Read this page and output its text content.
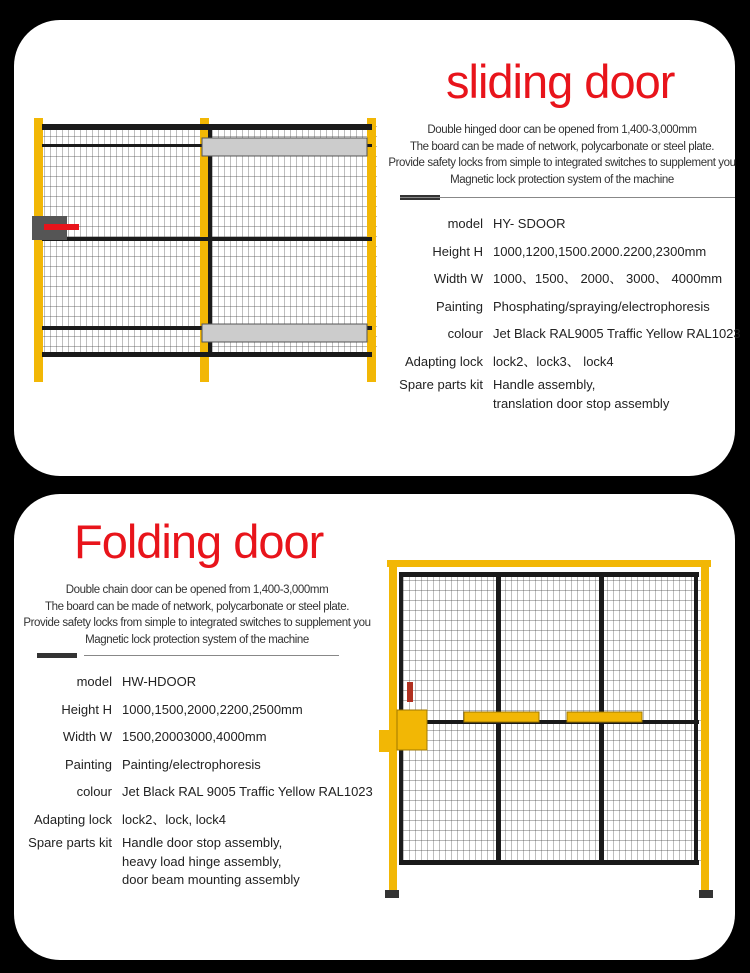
sliding door
Double hinged door can be opened from 1,400-3,000mm
The board can be made of network, polycarbonate or steel plate.
Provide safety locks from simple to integrated switches to supplement you
Magnetic lock protection system of the machine
model HY- SDOOR
Height H 1000,1200,1500.2000.2200,2300mm
Width W 1000、1500、 2000、 3000、 4000mm
Painting Phosphating/spraying/electrophoresis
colour Jet Black RAL9005 Traffic Yellow RAL1023
Adapting lock lock2、lock3、 lock4
Spare parts kit Handle assembly,
translation door stop assembly
Folding door
Double chain door can be opened from 1,400-3,000mm
The board can be made of network, polycarbonate or steel plate.
Provide safety locks from simple to integrated switches to supplement you
Magnetic lock protection system of the machine
model HW-HDOOR
Height H 1000,1500,2000,2200,2500mm
Width W 1500,20003000,4000mm
Painting Painting/electrophoresis
colour Jet Black RAL 9005 Traffic Yellow RAL1023
Adapting lock lock2、lock, lock4
Spare parts kit Handle door stop assembly,
heavy load hinge assembly,
door beam mounting assembly
